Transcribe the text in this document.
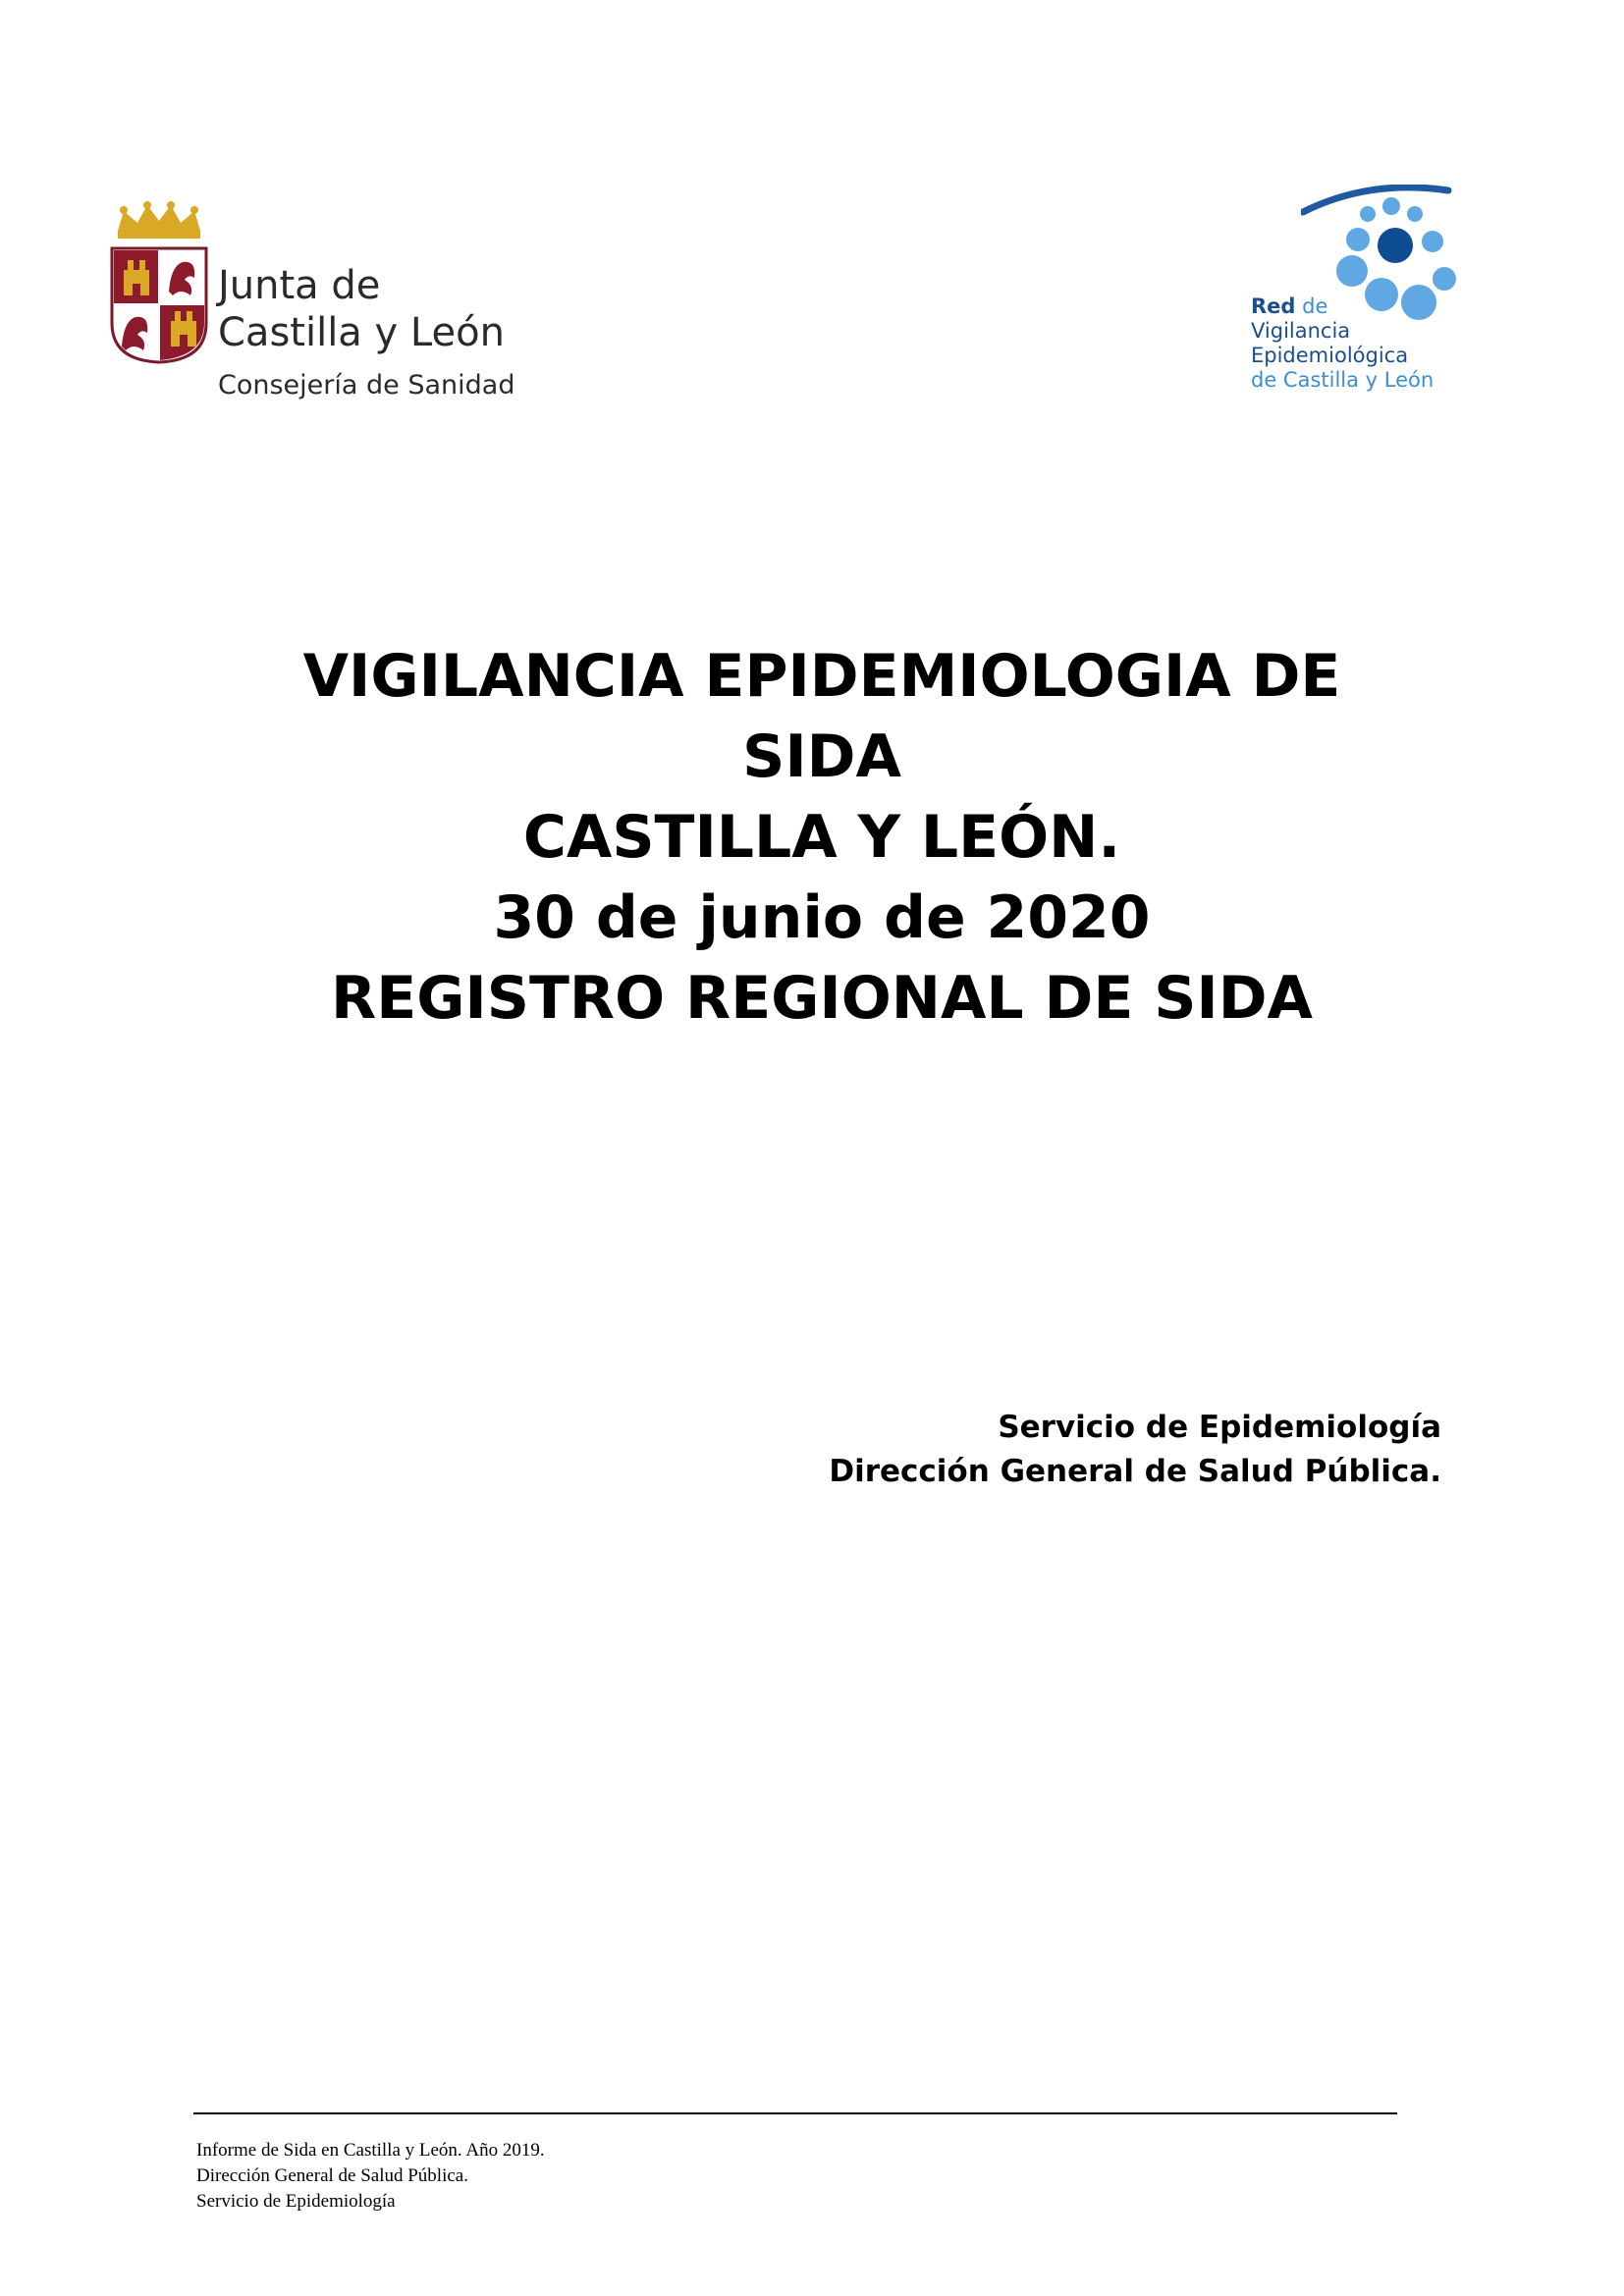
Junta de
Castilla y León
Consejería de Sanidad
Red de
Vigilancia
Epidemiológica
de Castilla y León
VIGILANCIA EPIDEMIOLOGIA DE
SIDA
CASTILLA Y LEÓN.
30 de junio de 2020
REGISTRO REGIONAL DE SIDA
Servicio de Epidemiología
Dirección General de Salud Pública.
Informe de Sida en Castilla y León. Año 2019.
Dirección General de Salud Pública.
Servicio de Epidemiología
